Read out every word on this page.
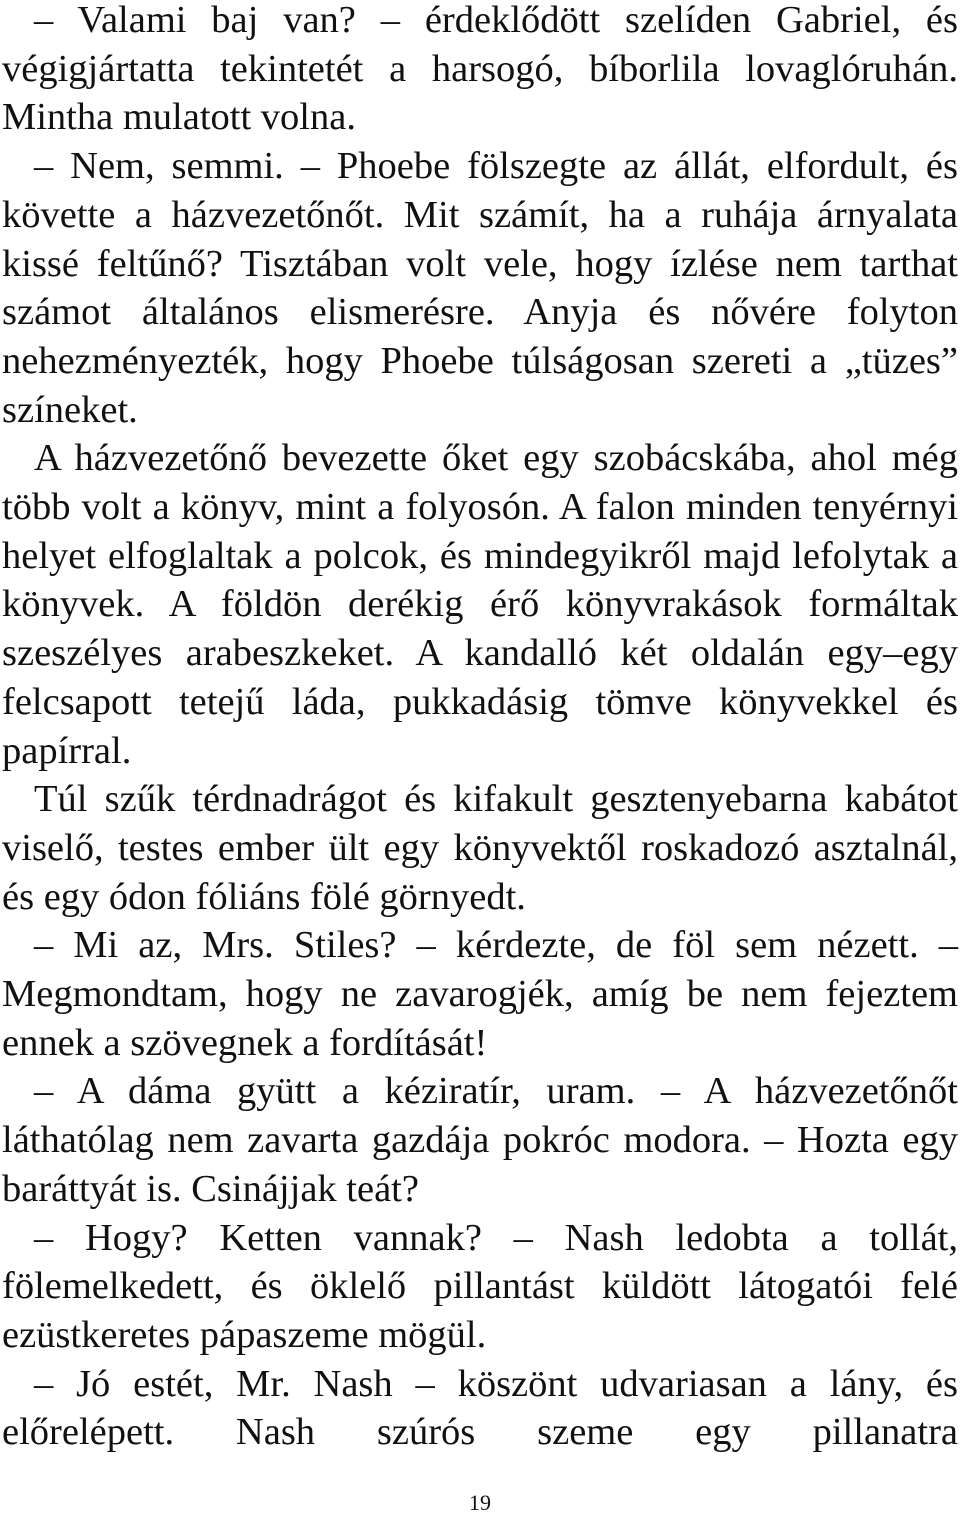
– Valami baj van? – érdeklődött szelíden Gabriel, és végigjártatta tekintetét a harsogó, bíborlila lovaglóruhán. Mintha mulatott volna.

– Nem, semmi. – Phoebe fölszegte az állát, elfordult, és követte a házvezetőnőt. Mit számít, ha a ruhája árnyalata kissé feltűnő? Tisztában volt vele, hogy ízlése nem tarthat számot általános elismerésre. Anyja és nővére folyton nehezményezték, hogy Phoebe túlságosan szereti a „tüzes” színeket.

A házvezetőnő bevezette őket egy szobácskába, ahol még több volt a könyv, mint a folyosón. A falon minden tenyérnyi helyet elfoglaltak a polcok, és mindegyikről majd lefolytak a könyvek. A földön derékig érő könyvrakások formáltak szeszélyes arabeszkeket. A kandalló két oldalán egy–egy felcsapott tetejű láda, pukkadásig tömve könyvekkel és papírral.

Túl szűk térdnadrágot és kifakult gesztenyebarna kabátot viselő, testes ember ült egy könyvektől roskadozó asztalnál, és egy ódon fóliáns fölé görnyedt.

– Mi az, Mrs. Stiles? – kérdezte, de föl sem nézett. – Megmondtam, hogy ne zavarogjék, amíg be nem fejeztem ennek a szövegnek a fordítását!

– A dáma gyütt a kéziratír, uram. – A házvezetőnőt láthatólag nem zavarta gazdája pokróc modora. – Hozta egy baráttyát is. Csinájjak teát?

– Hogy? Ketten vannak? – Nash ledobta a tollát, fölemelkedett, és öklelő pillantást küldött látogatói felé ezüstkeretes pápaszeme mögül.

– Jó estét, Mr. Nash – köszönt udvariasan a lány, és előrelépett. Nash szúrós szeme egy pillanatra

19
